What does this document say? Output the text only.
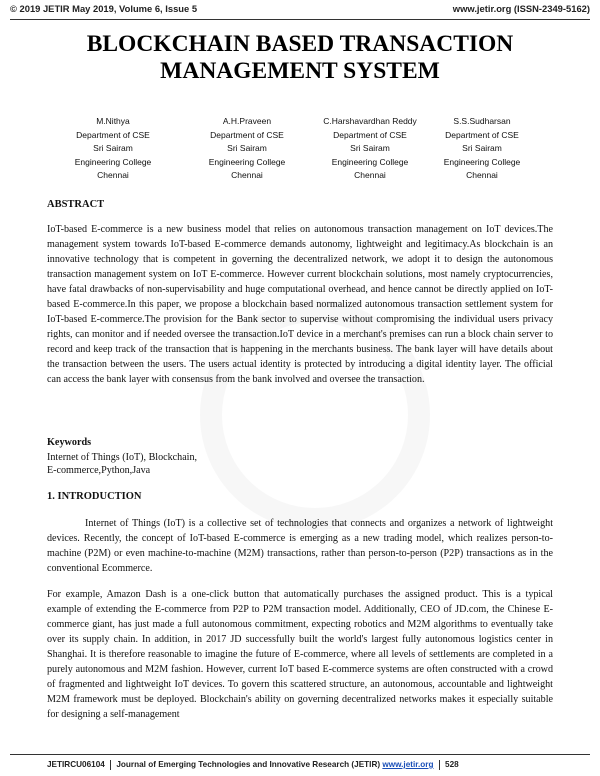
© 2019 JETIR May 2019, Volume 6, Issue 5	www.jetir.org (ISSN-2349-5162)
BLOCKCHAIN BASED TRANSACTION
MANAGEMENT SYSTEM
M.Nithya
Department of CSE
Sri Sairam
Engineering College
Chennai
A.H.Praveen
Department of CSE
Sri Sairam
Engineering College
Chennai
C.Harshavardhan Reddy
Department of CSE
Sri Sairam
Engineering College
Chennai
S.S.Sudharsan
Department of CSE
Sri Sairam
Engineering College
Chennai
ABSTRACT

IoT-based E-commerce is a new business model that relies on autonomous transaction management on IoT devices.The management system towards IoT-based E-commerce demands autonomy, lightweight and legitimacy.As blockchain is an innovative technology that is competent in governing the decentralized network, we adopt it to design the autonomous transaction management system on IoT E-commerce. However current blockchain solutions, most namely cryptocurrencies, have fatal drawbacks of non-supervisability and huge computational overhead, and hence cannot be directly applied on IoT-based E-commerce.In this paper, we propose a blockchain based normalized autonomous transaction settlement system for IoT-based E-commerce.The provision for the Bank sector to supervise without compromising the individual users privacy rights, can monitor and if needed oversee the transaction.IoT device in a merchant's premises can run a block chain server to record and keep track of the transaction that is happening in the merchants business. The bank layer will have details about the transaction between the users. The users actual identity is protected by introducing a digital identity layer. The official can access the bank layer with consensus from the bank involved and oversee the transaction.

Keywords
Internet of Things (IoT), Blockchain,
E-commerce,Python,Java
1. INTRODUCTION

Internet of Things (IoT) is a collective set of technologies that connects and organizes a network of lightweight devices. Recently, the concept of IoT-based E-commerce is emerging as a new trading model, which realizes person-to-machine (P2M) or even machine-to-machine (M2M) transactions, rather than person-to-person (P2P) transactions as in the conventional Ecommerce.

For example, Amazon Dash is a one-click button that automatically purchases the assigned product. This is a typical example of extending the E-commerce from P2P to P2M transaction model. Additionally, CEO of JD.com, the Chinese E-commerce giant, has just made a full autonomous commitment, expecting robotics and M2M algorithms to eventually take over its supply chain. In addition, in 2017 JD successfully built the world's largest fully autonomous logistics center in Shanghai. It is therefore reasonable to imagine the future of E-commerce, where all levels of settlements are completed in a purely autonomous and M2M fashion. However, current IoT based E-commerce systems are often constructed with a crowd of fragmented and lightweight IoT devices. To govern this scattered structure, an autonomous, accountable and lightweight M2M framework must be deployed. Blockchain's ability on governing decentralized networks makes it especially suitable for designing a self-management

JETIRCU06104 Journal of Emerging Technologies and Innovative Research (JETIR) www.jetir.org 528
